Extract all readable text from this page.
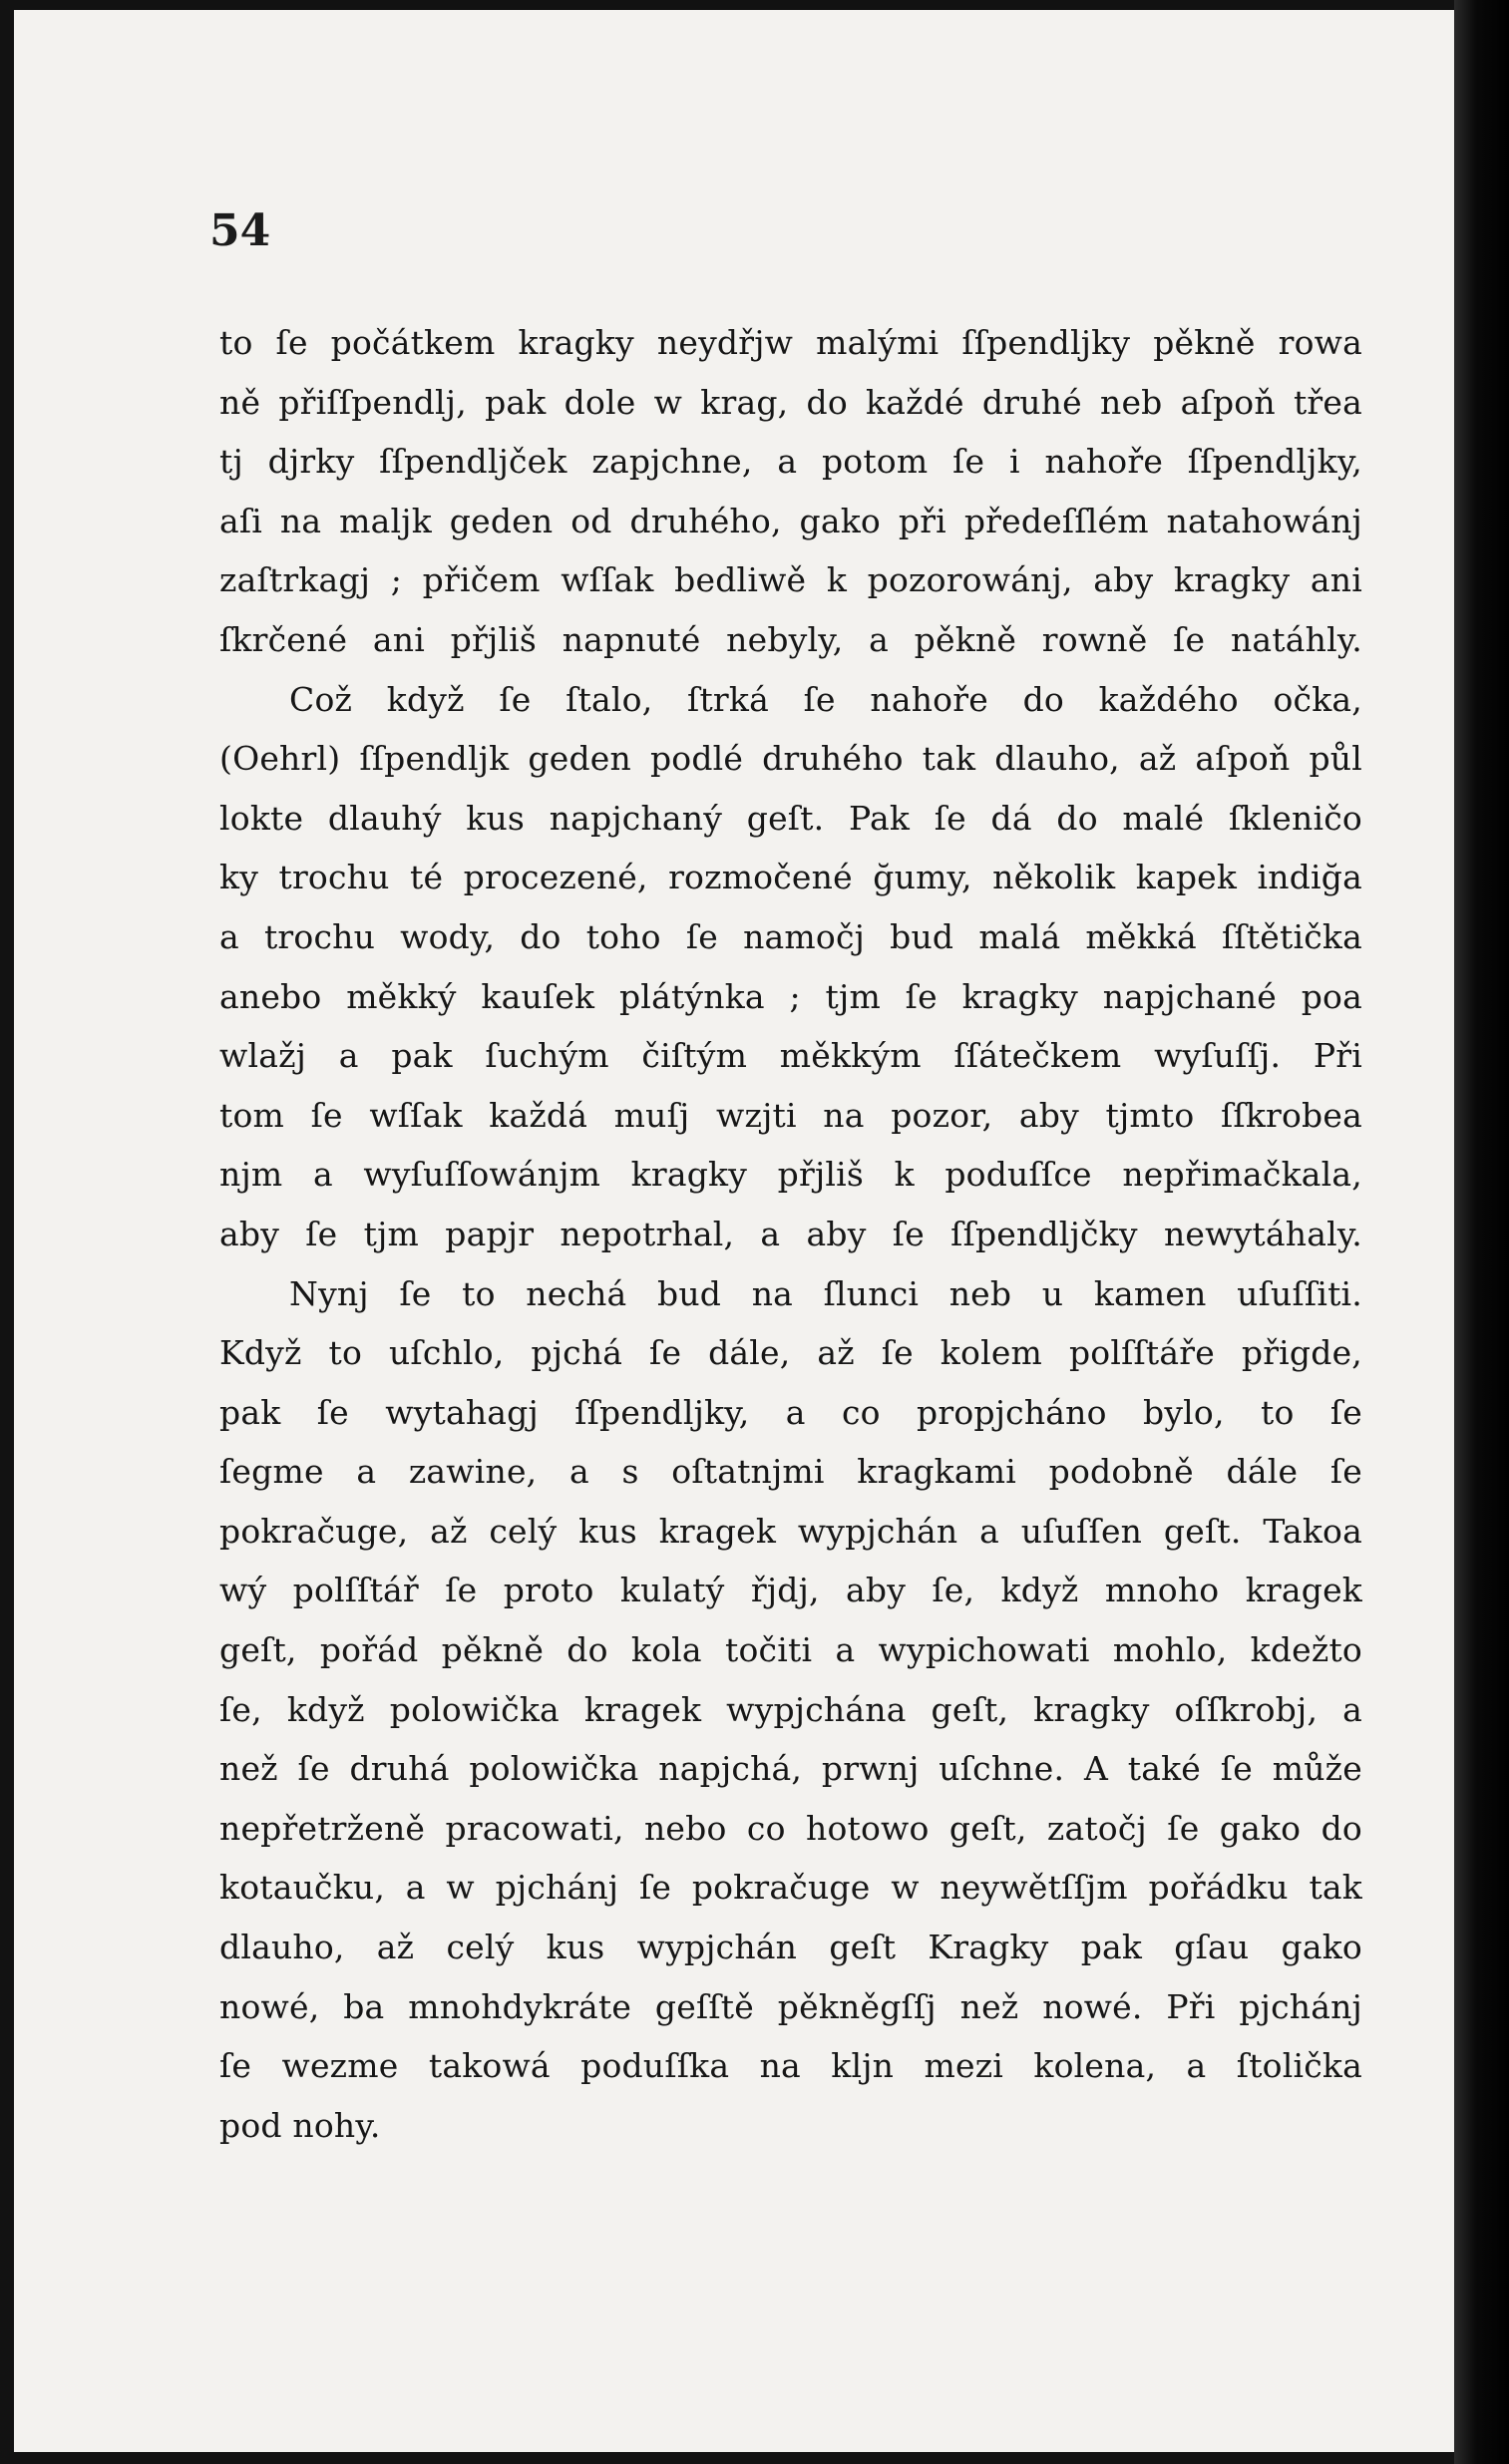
54
to ſe počátkem kragky neydřjw malými ſſpendljky pěkně rowa
ně přiſſpendlj, pak dole w krag, do každé druhé neb aſpoň třea
tj djrky ſſpendljček zapjchne, a potom ſe i nahoře ſſpendljky,
aſi na maljk geden od druhého, gako při předeſſlém natahowánj
zaſtrkagj ; přičem wſſak bedliwě k pozorowánj, aby kragky ani
ſkrčené ani přjliš napnuté nebyly, a pěkně rowně ſe natáhly.
Což když ſe ſtalo, ſtrká ſe nahoře do každého očka,
(Oehrl) ſſpendljk geden podlé druhého tak dlauho, až aſpoň půl
lokte dlauhý kus napjchaný geſt. Pak ſe dá do malé ſkleničo
ky trochu té procezené, rozmočené ğumy, několik kapek indiğa
a trochu wody, do toho ſe namočj bud malá měkká ſſtětička
anebo měkký kauſek plátýnka ; tjm ſe kragky napjchané poa
wlažj a pak ſuchým čiſtým měkkým ſſátečkem wyſuſſj. Při
tom ſe wſſak každá muſj wzjti na pozor, aby tjmto ſſkrobea
njm a wyſuſſowánjm kragky přjliš k poduſſce nepřimačkala,
aby ſe tjm papjr nepotrhal, a aby ſe ſſpendljčky newytáhaly.
Nynj ſe to nechá bud na ſlunci neb u kamen uſuſſiti.
Když to uſchlo, pjchá ſe dále, až ſe kolem polſſtáře přigde,
pak ſe wytahagj ſſpendljky, a co propjcháno bylo, to ſe
ſegme a zawine, a s oſtatnjmi kragkami podobně dále ſe
pokračuge, až celý kus kragek wypjchán a uſuſſen geſt. Takoa
wý polſſtář ſe proto kulatý řjdj, aby ſe, když mnoho kragek
geſt, pořád pěkně do kola točiti a wypichowati mohlo, kdežto
ſe, když polowička kragek wypjchána geſt, kragky oſſkrobj, a
než ſe druhá polowička napjchá, prwnj uſchne. A také ſe může
nepřetrženě pracowati, nebo co hotowo geſt, zatočj ſe gako do
kotaučku, a w pjchánj ſe pokračuge w neywětſſjm pořádku tak
dlauho, až celý kus wypjchán geſt Kragky pak gſau gako
nowé, ba mnohdykráte geſſtě pěkněgſſj než nowé. Při pjchánj
ſe wezme takowá poduſſka na kljn mezi kolena, a ſtolička
pod nohy.
